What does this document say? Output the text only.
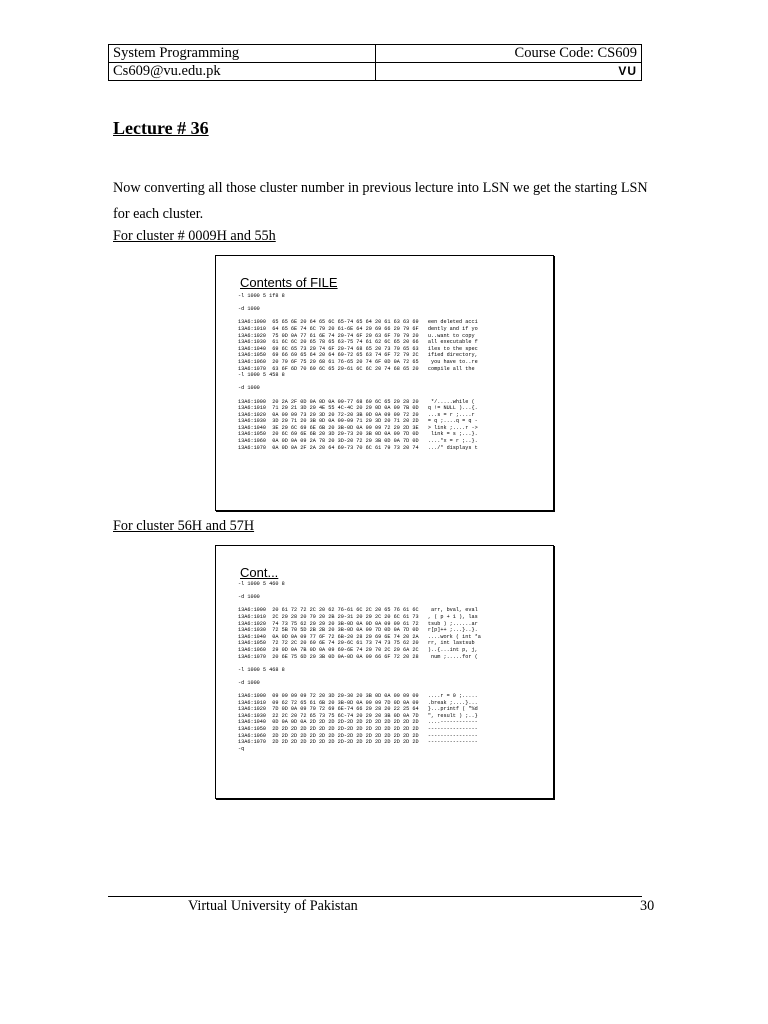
System Programming	Course Code: CS609
Cs609@vu.edu.pk	VU
Lecture # 36
Now converting all those cluster number in previous lecture into LSN we get the starting LSN for each cluster.
For cluster # 0009H and 55h
Contents of FILE
-l 1000 5 1f8 8

-d 1000

13A6:1000  65 65 6E 20 64 65 6C 65-74 65 64 20 61 63 63 69   een deleted acci
13A6:1010  64 65 6E 74 6C 79 20 61-6E 64 20 69 66 20 79 6F   dently and if yo
13A6:1020  75 0D 0A 77 61 6E 74 20-74 6F 20 63 6F 70 79 20   u..want to copy
13A6:1030  61 6C 6C 20 65 78 65 63-75 74 61 62 6C 65 20 66   all executable f
13A6:1040  69 6C 65 73 20 74 6F 20-74 68 65 20 73 70 65 63   iles to the spec
13A6:1050  69 66 69 65 64 20 64 69-72 65 63 74 6F 72 79 2C   ified directory,
13A6:1060  20 79 6F 75 20 68 61 76-65 20 74 6F 0D 0A 72 65    you have to..re
13A6:1070  63 6F 6D 70 69 6C 65 20-61 6C 6C 20 74 68 65 20   compile all the
-l 1000 5 458 8

-d 1000

13A6:1000  20 2A 2F 0D 0A 0D 0A 09-77 68 69 6C 65 20 28 20    */.....while (
13A6:1010  71 20 21 3D 20 4E 55 4C-4C 20 29 0D 0A 09 7B 0D   q != NULL )...{.
13A6:1020  0A 09 09 73 20 3D 20 72-20 3B 0D 0A 09 09 72 20   ...s = r ;....r
13A6:1030  3D 20 71 20 3B 0D 0A 09-09 71 20 3D 20 71 20 2D   = q ;....q = q -
13A6:1040  3E 20 6C 69 6E 6B 20 3B-0D 0A 09 09 72 20 2D 3E   > link ;....r ->
13A6:1050  20 6C 69 6E 6B 20 3D 20-73 20 3B 0D 0A 09 7D 0D    link = s ;...}.
13A6:1060  0A 0D 0A 09 2A 78 20 3D-20 72 20 3B 0D 0A 7D 0D   ....*x = r ;..}.
13A6:1070  0A 0D 0A 2F 2A 20 64 69-73 70 6C 61 79 73 20 74   .../* displays t
For cluster 56H and 57H
Cont...
-l 1000 5 460 8

-d 1000

13A6:1000  20 61 72 72 2C 20 62 76-61 6C 2C 20 65 76 61 6C    arr, bval, eval
13A6:1010  2C 20 28 20 70 20 2B 20-31 20 29 2C 20 6C 61 73   , ( p + 1 ), las
13A6:1020  74 73 75 62 20 29 20 3B-0D 0A 0D 0A 09 09 61 72   tsub ) ;......ar
13A6:1030  72 5B 70 5D 2B 2B 20 3B-0D 0A 09 7D 0D 0A 7D 0D   r[p]++ ;...}..}.
13A6:1040  0A 0D 0A 09 77 6F 72 6B-20 28 20 69 6E 74 20 2A   ....work ( int *a
13A6:1050  72 72 2C 20 69 6E 74 20-6C 61 73 74 73 75 62 20   rr, int lastsub
13A6:1060  29 0D 0A 7B 0D 0A 09 69-6E 74 20 70 2C 20 6A 2C   )..{...int p, j,
13A6:1070  20 6E 75 6D 20 3B 0D 0A-0D 0A 09 66 6F 72 20 28    num ;.....for (

-l 1000 5 468 8

-d 1000

13A6:1000  09 09 09 09 72 20 3D 20-30 20 3B 0D 0A 09 09 09   ....r = 0 ;.....
13A6:1010  09 62 72 65 61 6B 20 3B-0D 0A 09 09 7D 0D 0A 09   .break ;....}...
13A6:1020  7D 0D 0A 09 70 72 69 6E-74 66 20 28 20 22 25 64   }...printf ( "%d
13A6:1030  22 2C 20 72 65 73 75 6C-74 20 29 20 3B 0D 0A 7D   ", result ) ;..}
13A6:1040  0D 0A 0D 0A 2D 2D 2D 2D-2D 2D 2D 2D 2D 2D 2D 2D   ....------------
13A6:1050  2D 2D 2D 2D 2D 2D 2D 2D-2D 2D 2D 2D 2D 2D 2D 2D   ----------------
13A6:1060  2D 2D 2D 2D 2D 2D 2D 2D-2D 2D 2D 2D 2D 2D 2D 2D   ----------------
13A6:1070  2D 2D 2D 2D 2D 2D 2D 2D-2D 2D 2D 2D 2D 2D 2D 2D   ----------------
-q
Virtual University of Pakistan	30
